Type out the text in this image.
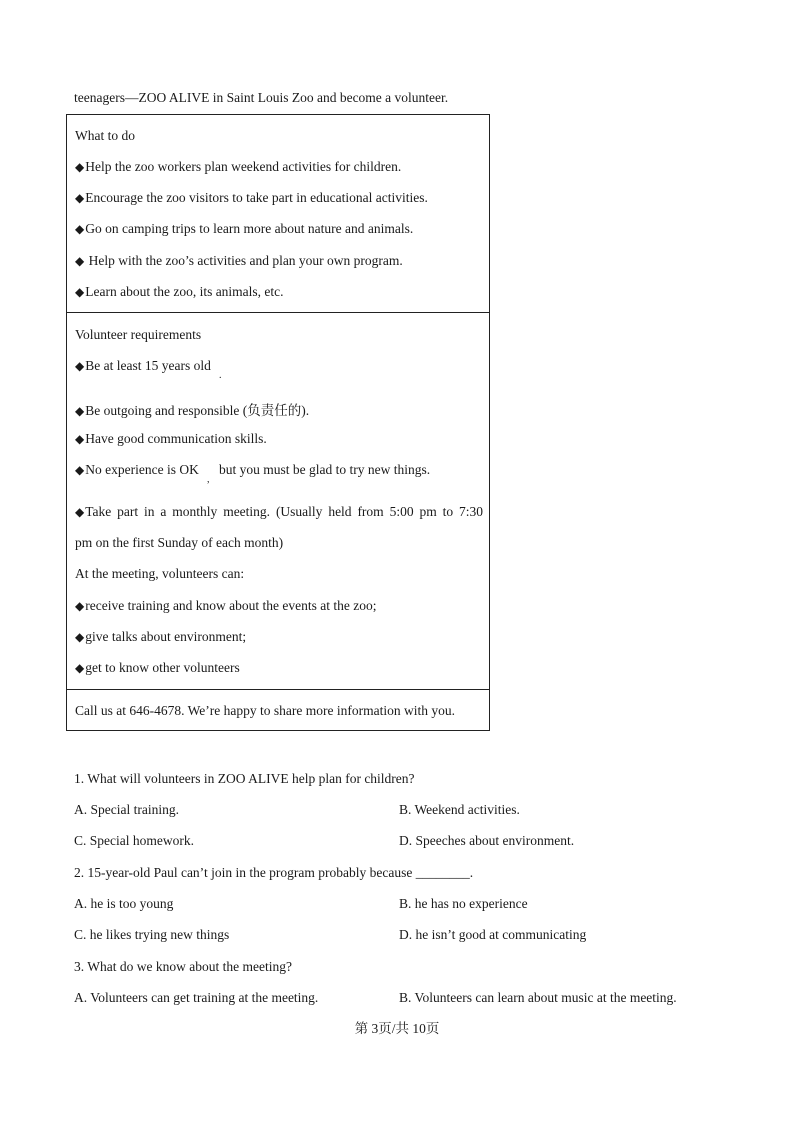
teenagers—ZOO ALIVE in Saint Louis Zoo and become a volunteer.
What to do
◆Help the zoo workers plan weekend activities for children.
◆Encourage the zoo visitors to take part in educational activities.
◆Go on camping trips to learn more about nature and animals.
◆ Help with the zoo’s activities and plan your own program.
◆Learn about the zoo, its animals, etc.
Volunteer requirements
◆Be at least 15 years old
.
◆Be outgoing and responsible (负责任的).
◆Have good communication skills.
◆No experience is OK
,
but you must be glad to try new things.
◆Take part in a monthly meeting. (Usually held from 5:00 pm to 7:30
pm on the first Sunday of each month)
At the meeting, volunteers can:
◆receive training and know about the events at the zoo;
◆give talks about environment;
◆get to know other volunteers
Call us at 646-4678. We’re happy to share more information with you.
1. What will volunteers in ZOO ALIVE help plan for children?
A. Special training.	B. Weekend activities.
C. Special homework.	D. Speeches about environment.
2. 15-year-old Paul can’t join in the program probably because ________.
A. he is too young	B. he has no experience
C. he likes trying new things	D. he isn’t good at communicating
3. What do we know about the meeting?
A. Volunteers can get training at the meeting.	B. Volunteers can learn about music at the meeting.
第 3页/共 10页
